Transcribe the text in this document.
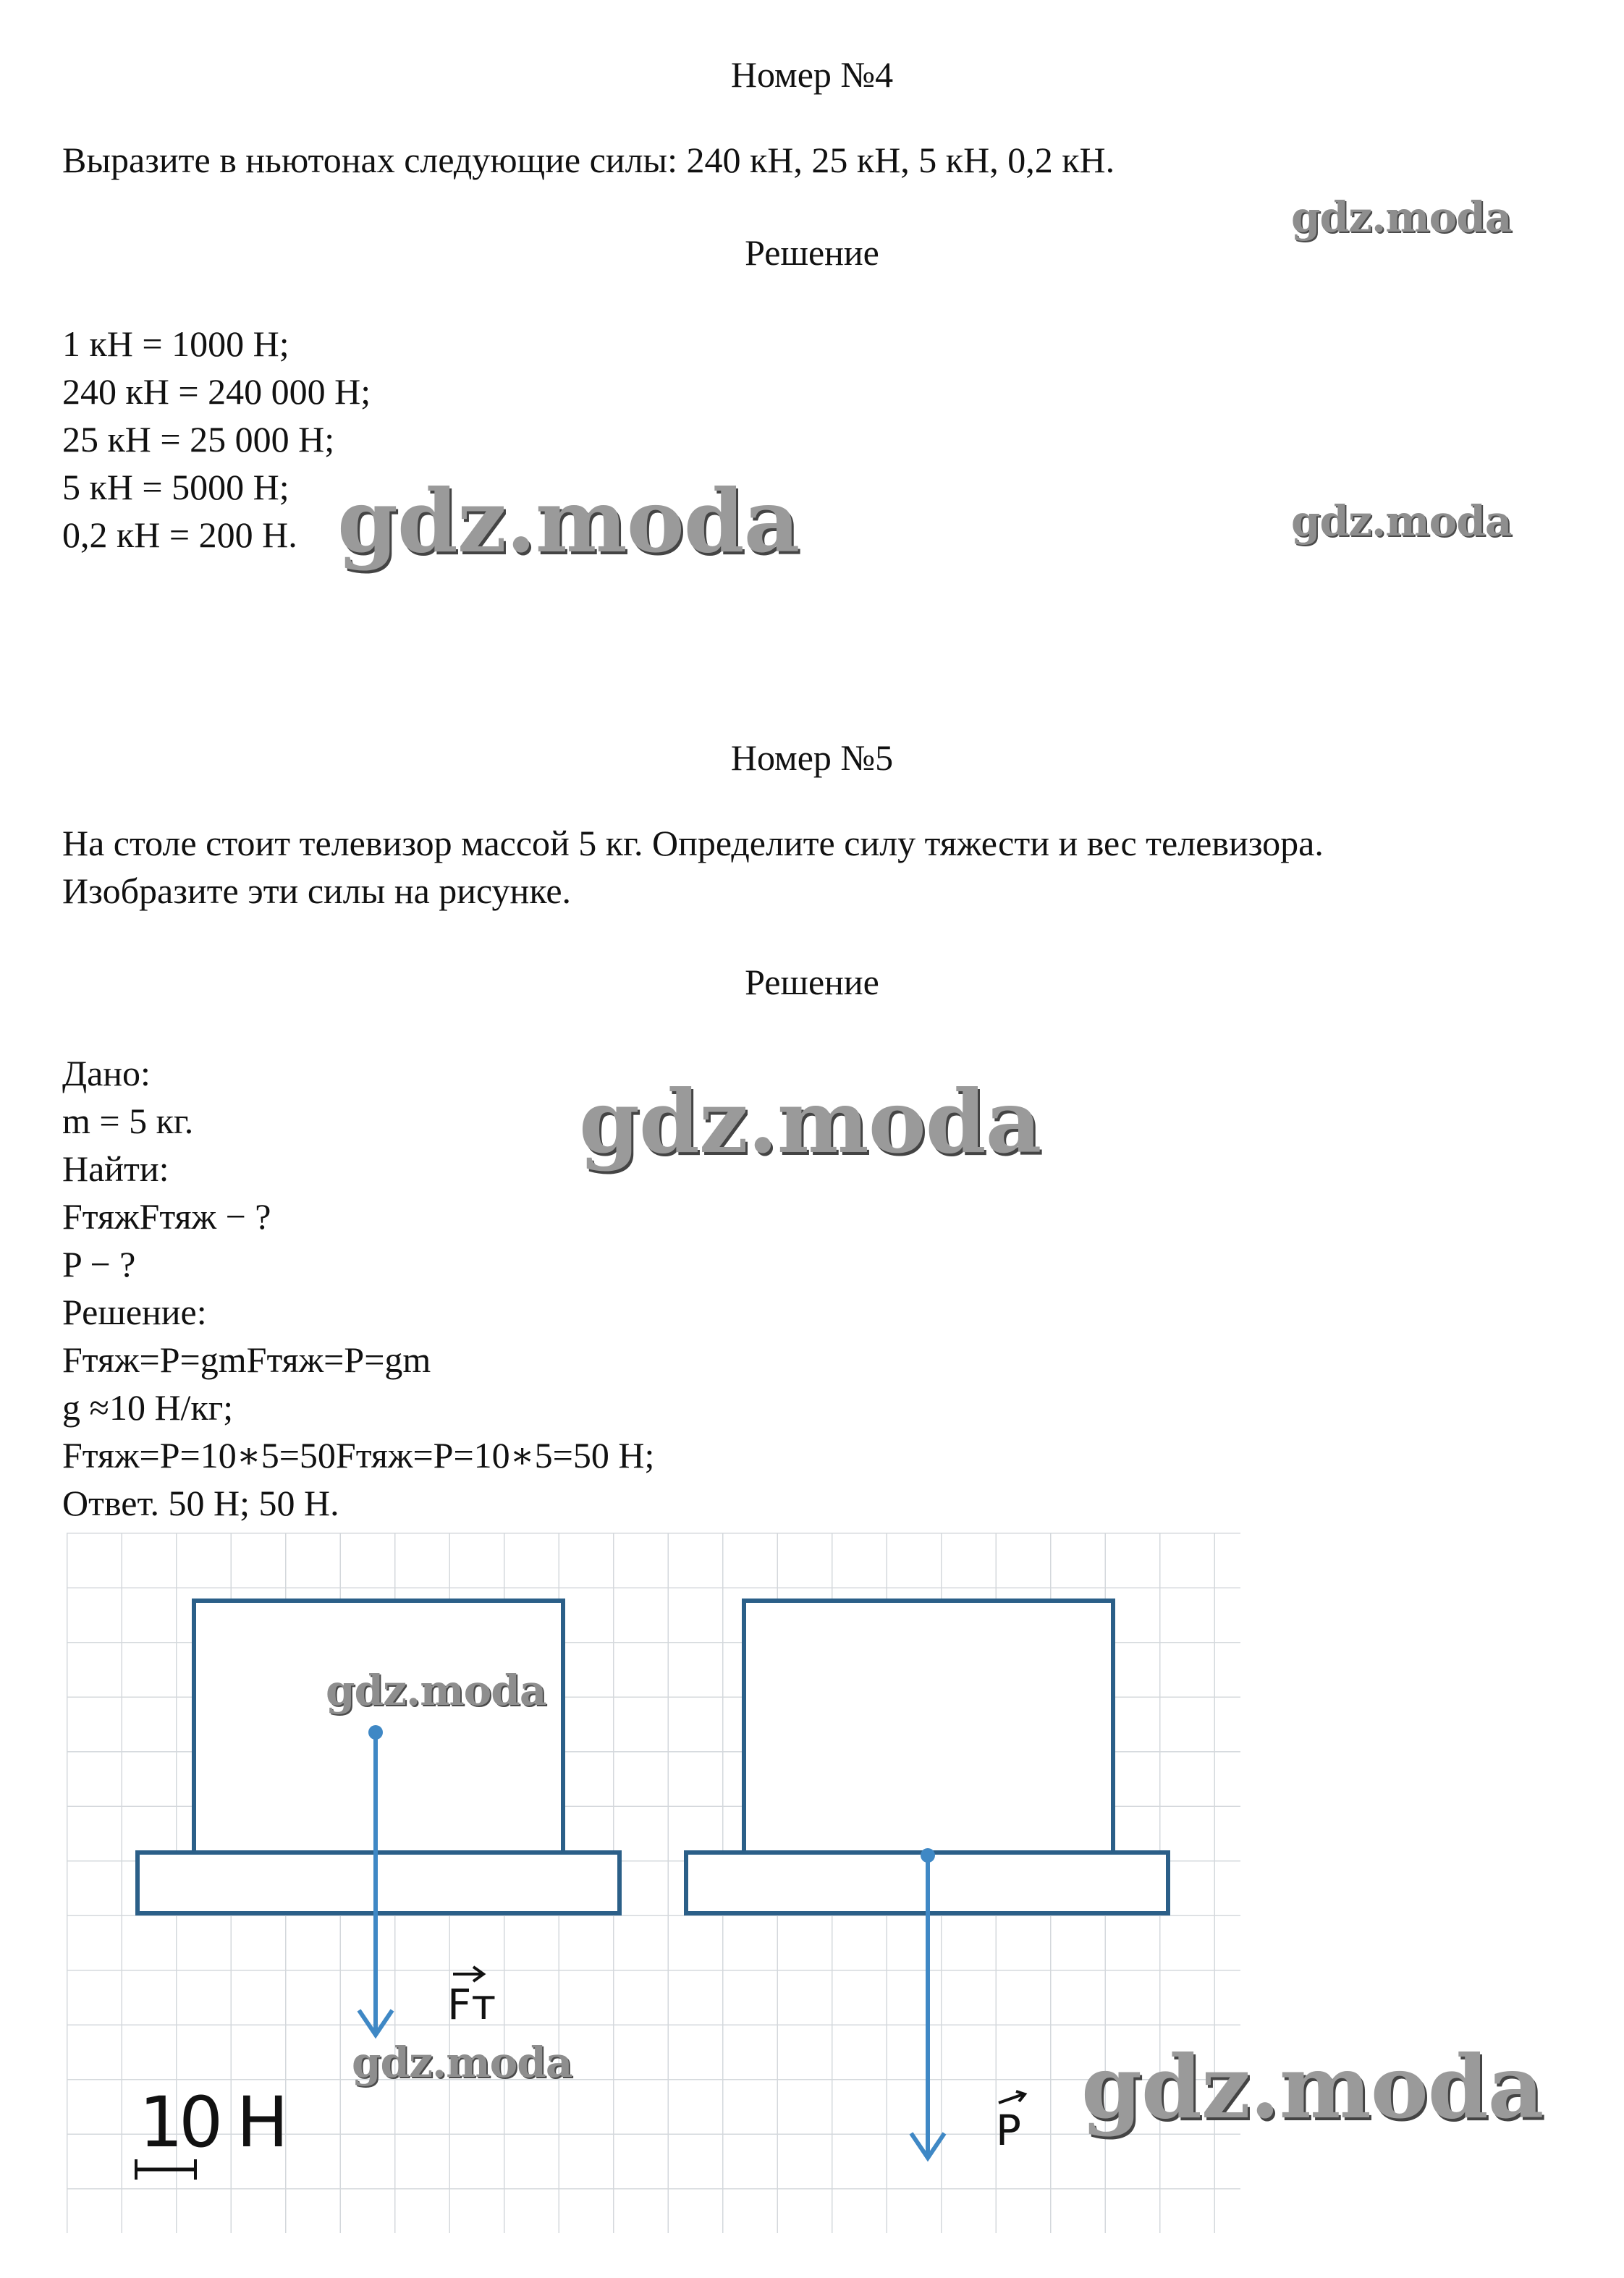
Номер №4
Выразите в ньютонах следующие силы: 240 кН, 25 кН, 5 кН, 0,2 кН.
Решение
1 кН = 1000 Н;
240 кН = 240 000 Н;
25 кН = 25 000 Н;
5 кН = 5000 Н;
0,2 кН = 200 Н.
Номер №5
На столе стоит телевизор массой 5 кг. Определите силу тяжести и вес телевизора.
Изобразите эти силы на рисунке.
Решение
Дано:
m = 5 кг.
Найти:
FтяжFтяж − ?
P − ?
Решение:
Fтяж=P=gmFтяж=P=gm
g ≈10 Н/кг;
Fтяж=P=10∗5=50Fтяж=P=10∗5=50 Н;
Ответ. 50 Н; 50 Н.
Fт
10 Н	P
gdz.moda
gdz.moda	gdz.moda
gdz.moda
gdz.moda
gdz.moda	gdz.moda
